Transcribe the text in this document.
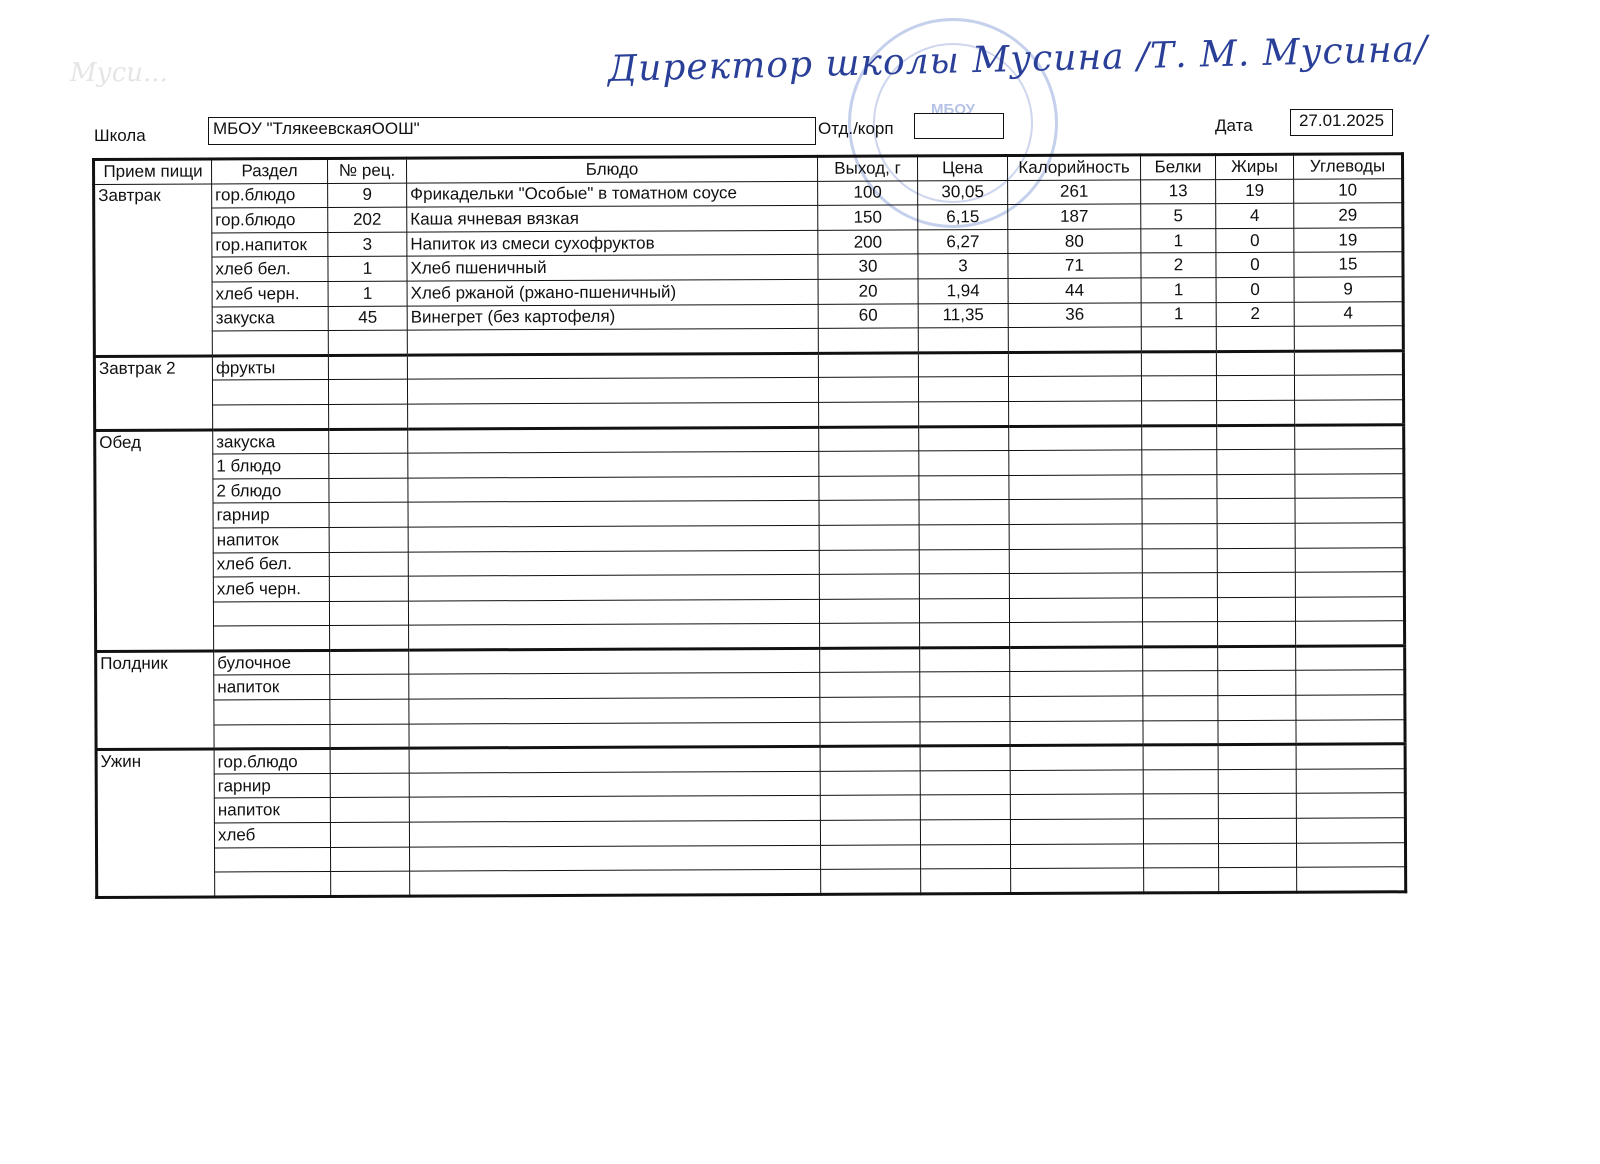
Муси...
МБОУ
Директор школы Мусина /Т. М. Мусина/
Школа	МБОУ "ТлякеевскаяООШ"	Отд./корп	Дата	27.01.2025
Прием пищи	Раздел	№ рец.	Блюдо	Выход, г	Цена	Калорийность	Белки	Жиры	Углеводы
Завтрак	гор.блюдо	9	Фрикадельки "Особые" в томатном соусе	100	30,05	261	13	19	10
	гор.блюдо	202	Каша ячневая вязкая	150	6,15	187	5	4	29
	гор.напиток	3	Напиток из смеси сухофруктов	200	6,27	80	1	0	19
	хлеб бел.	1	Хлеб пшеничный	30	3	71	2	0	15
	хлеб черн.	1	Хлеб ржаной (ржано-пшеничный)	20	1,94	44	1	0	9
	закуска	45	Винегрет (без картофеля)	60	11,35	36	1	2	4

Завтрак 2	фрукты								

Обед	закуска								
	1 блюдо								
	2 блюдо								
	гарнир								
	напиток								
	хлеб бел.								
	хлеб черн.								

Полдник	булочное								
	напиток								

Ужин	гор.блюдо								
	гарнир								
	напиток								
	хлеб								
